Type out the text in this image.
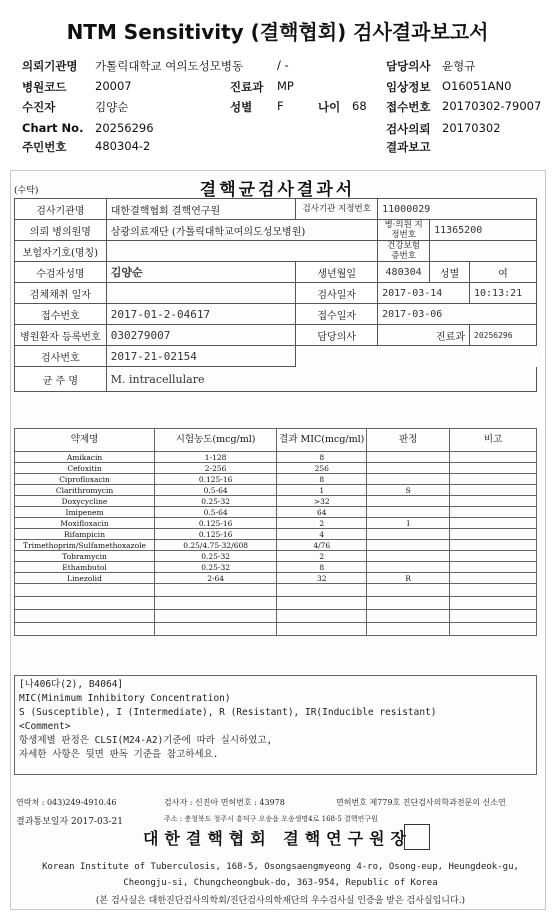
NTM Sensitivity (결핵협회) 검사결과보고서
의뢰기관명 가톨릭대학교 여의도성모병동	/ -	담당의사 윤형규
병원코드 20007	진료과 MP	임상정보 O16051AN0
수진자	김양순	성별 F	나이 68 접수번호 20170302-79007
Chart No. 20256296	검사의뢰 20170302
주민번호 480304-2	결과보고
(수탁)	결핵균검사결과서
검사기관명	대한결핵협회 결핵연구원	검사기관 지정번호	11000029		
의뢰 병의원명	삼광의료재단 (가톨릭대학교여의도성모병원)		병·의원 지정번호	11365200	
보험자기호(명칭)			건강보험 증번호		
수검자성명	김양순	생년월일	480304	성별	여
검체채취 일자		검사일자	2017-03-14		10:13:21
접수번호	2017-01-2-04617	접수일자	2017-03-06		
병원환자 등록번호	030279007	담당의사	진료과		20256296
검사번호	2017-21-02154				
균 주 명	M. intracellulare				
약제명	시험농도(mcg/ml)	결과 MIC(mcg/ml)	판정	비고
Amikacin	1-128	8		
Cefoxitin	2-256	256		
Ciprofloxacin	0.125-16	8		
Clarithromycin	0.5-64	1	S	
Doxycycline	0.25-32	>32		
Imipenem	0.5-64	64		
Moxifloxacin	0.125-16	2	I	
Rifampicin	0.125-16	4		
Trimethoprim/Sulfamethoxazole	0.25/4.75-32/608	4/76		
Tobramycin	0.25-32	2		
Ethambutol	0.25-32	8		
Linezolid	2-64	32	R	

[나406다(2), B4064]
MIC(Minimum Inhibitory Concentration)
S (Susceptible), I (Intermediate), R (Resistant), IR(Inducible resistant)
<Comment>
항생제별 판정은 CLSI(M24-A2)기준에 따라 실시하였고,
자세한 사항은 뒷면 판독 기준을 참고하세요.
연락처 : 043)249-4910.46	검사자 : 신진아 면허번호 : 43978	면허번호 제779호 진단검사의학과전문의 신소연
결과통보일자 2017-03-21	주소 : 충청북도 청주시 흥덕구 오송읍 오송생명4로 168-5 결핵연구원
대한결핵협회 결핵연구원장
Korean Institute of Tuberculosis, 168-5, Osongsaengmyeong 4-ro, Osong-eup, Heungdeok-gu,
Cheongju-si, Chungcheongbuk-do, 363-954, Republic of Korea
(본 검사실은 대한진단검사의학회/진단검사의학재단의 우수검사실 인증을 받은 검사실입니다.)
